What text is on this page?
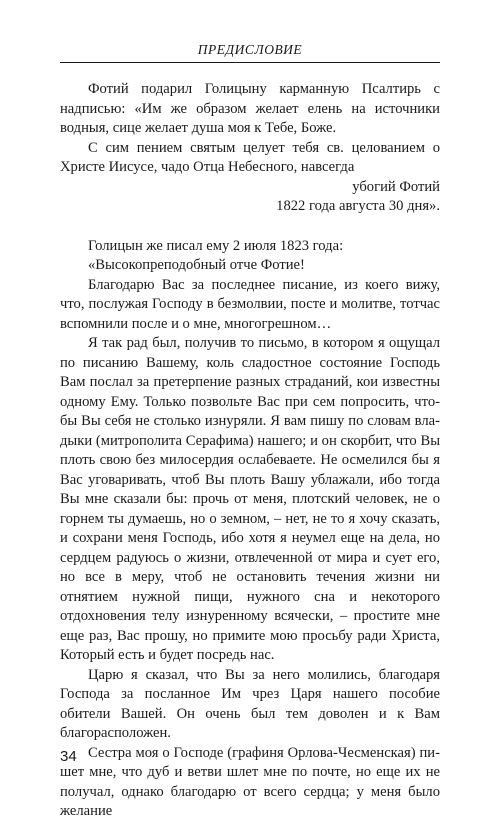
ПРЕДИСЛОВИЕ

Фотий подарил Голицыну карманную Псалтирь с надписью: «Им же образом желает елень на источники водныя, сице желает душа моя к Тебе, Боже.

С сим пением святым целует тебя св. целованием о Христе Иисусе, чадо Отца Небесного, навсегда

убогий Фотий

1822 года августа 30 дня».

Голицын же писал ему 2 июля 1823 года:

«Высокопреподобный отче Фотие!

Благодарю Вас за последнее писание, из коего вижу, что, послужая Господу в безмолвии, посте и молитве, тотчас вспомнили после и о мне, многогрешном…

Я так рад был, получив то письмо, в котором я ощущал по писанию Вашему, коль сладостное состояние Господь Вам послал за претерпение разных страданий, кои известны одному Ему. Только позвольте Вас при сем попросить, чтобы Вы себя не столько изнуряли. Я вам пишу по словам владыки (митрополита Серафима) нашего; и он скорбит, что Вы плоть свою без милосердия ослабеваете. Не осмелился бы я Вас уговаривать, чтоб Вы плоть Вашу ублажали, ибо тогда Вы мне сказали бы: прочь от меня, плотский человек, не о горнем ты думаешь, но о земном, – нет, не то я хочу сказать, и сохрани меня Господь, ибо хотя я неумел еще на дела, но сердцем радуюсь о жизни, отвлеченной от мира и сует его, но все в меру, чтоб не остановить течения жизни ни отнятием нужной пищи, нужного сна и некоторого отдохновения телу изнуренному всячески, – простите мне еще раз, Вас прошу, но примите мою просьбу ради Христа, Который есть и будет посредь нас.

Царю я сказал, что Вы за него молились, благодаря Господа за посланное Им чрез Царя нашего пособие обители Вашей. Он очень был тем доволен и к Вам благорасположен.

Сестра моя о Господе (графиня Орлова-Чесменская) пишет мне, что дуб и ветви шлет мне по почте, но еще их не получал, однако благодарю от всего сердца; у меня было желание

34
